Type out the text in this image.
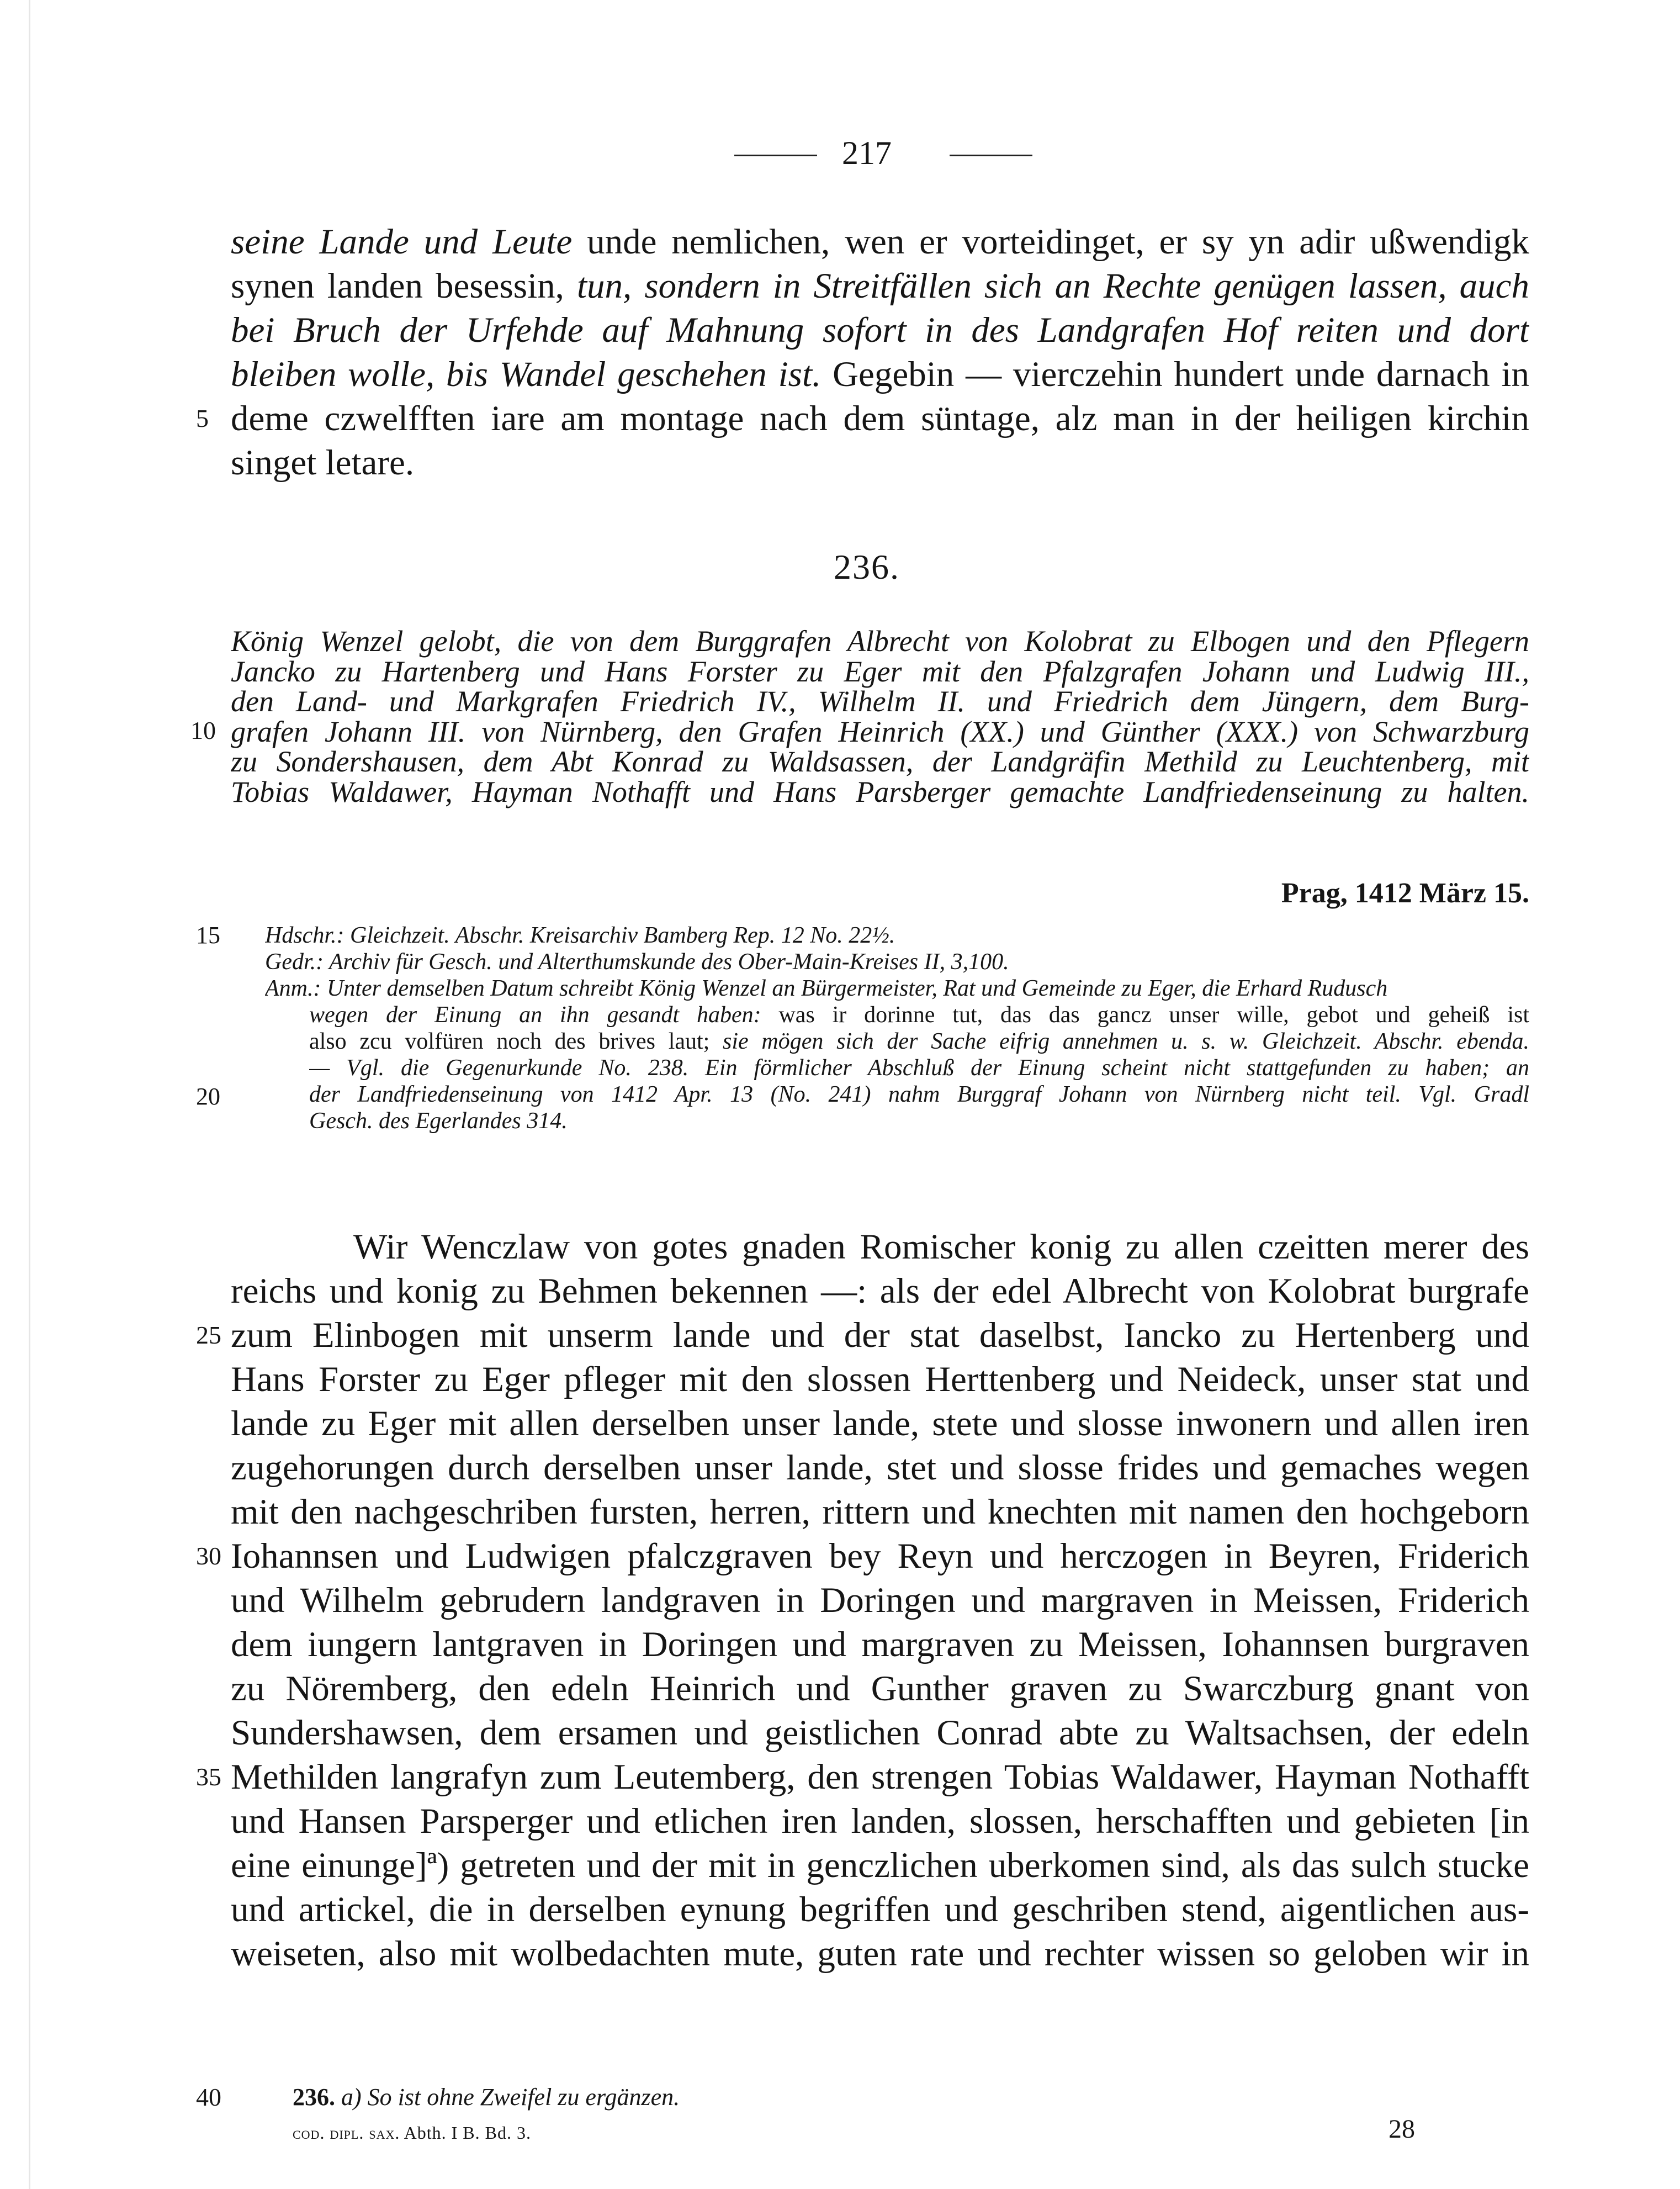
217
seine Lande und Leute unde nemlichen, wen er vorteidinget, er sy yn adir ußwendigk
synen landen besessin, tun, sondern in Streitfällen sich an Rechte genügen lassen, auch
bei Bruch der Urfehde auf Mahnung sofort in des Landgrafen Hof reiten und dort
bleiben wolle, bis Wandel geschehen ist. Gegebin — vierczehin hundert unde darnach in
deme czwelfften iare am montage nach dem süntage, alz man in der heiligen kirchin
singet letare.
5
236.
König Wenzel gelobt, die von dem Burggrafen Albrecht von Kolobrat zu Elbogen und den Pflegern
Jancko zu Hartenberg und Hans Forster zu Eger mit den Pfalzgrafen Johann und Ludwig III.,
den Land- und Markgrafen Friedrich IV., Wilhelm II. und Friedrich dem Jüngern, dem Burg-
grafen Johann III. von Nürnberg, den Grafen Heinrich (XX.) und Günther (XXX.) von Schwarzburg
zu Sondershausen, dem Abt Konrad zu Waldsassen, der Landgräfin Methild zu Leuchtenberg, mit
Tobias Waldawer, Hayman Nothafft und Hans Parsberger gemachte Landfriedenseinung zu halten.
10
Prag, 1412 März 15.
Hdschr.: Gleichzeit. Abschr. Kreisarchiv Bamberg Rep. 12 No. 22½.
Gedr.: Archiv für Gesch. und Alterthumskunde des Ober-Main-Kreises II, 3,100.
Anm.: Unter demselben Datum schreibt König Wenzel an Bürgermeister, Rat und Gemeinde zu Eger, die Erhard Rudusch
wegen der Einung an ihn gesandt haben: was ir dorinne tut, das das gancz unser wille, gebot und geheiß ist
also zcu volfüren noch des brives laut; sie mögen sich der Sache eifrig annehmen u. s. w. Gleichzeit. Abschr. ebenda.
— Vgl. die Gegenurkunde No. 238. Ein förmlicher Abschluß der Einung scheint nicht stattgefunden zu haben; an
der Landfriedenseinung von 1412 Apr. 13 (No. 241) nahm Burggraf Johann von Nürnberg nicht teil. Vgl. Gradl
Gesch. des Egerlandes 314.
15
20
Wir Wenczlaw von gotes gnaden Romischer konig zu allen czeitten merer des
reichs und konig zu Behmen bekennen —: als der edel Albrecht von Kolobrat burgrafe
zum Elinbogen mit unserm lande und der stat daselbst, Iancko zu Hertenberg und
Hans Forster zu Eger pfleger mit den slossen Herttenberg und Neideck, unser stat und
lande zu Eger mit allen derselben unser lande, stete und slosse inwonern und allen iren
zugehorungen durch derselben unser lande, stet und slosse frides und gemaches wegen
mit den nachgeschriben fursten, herren, rittern und knechten mit namen den hochgeborn
Iohannsen und Ludwigen pfalczgraven bey Reyn und herczogen in Beyren, Friderich
und Wilhelm gebrudern landgraven in Doringen und margraven in Meissen, Friderich
dem iungern lantgraven in Doringen und margraven zu Meissen, Iohannsen burgraven
zu Nöremberg, den edeln Heinrich und Gunther graven zu Swarczburg gnant von
Sundershawsen, dem ersamen und geistlichen Conrad abte zu Waltsachsen, der edeln
Methilden langrafyn zum Leutemberg, den strengen Tobias Waldawer, Hayman Nothafft
und Hansen Parsperger und etlichen iren landen, slossen, herschafften und gebieten [in
eine einunge]ª) getreten und der mit in genczlichen uberkomen sind, als das sulch stucke
und artickel, die in derselben eynung begriffen und geschriben stend, aigentlichen aus-
weiseten, also mit wolbedachten mute, guten rate und rechter wissen so geloben wir in
25
30
35
40	236. a) So ist ohne Zweifel zu ergänzen.
cod. dipl. sax. Abth. I B. Bd. 3.	28
